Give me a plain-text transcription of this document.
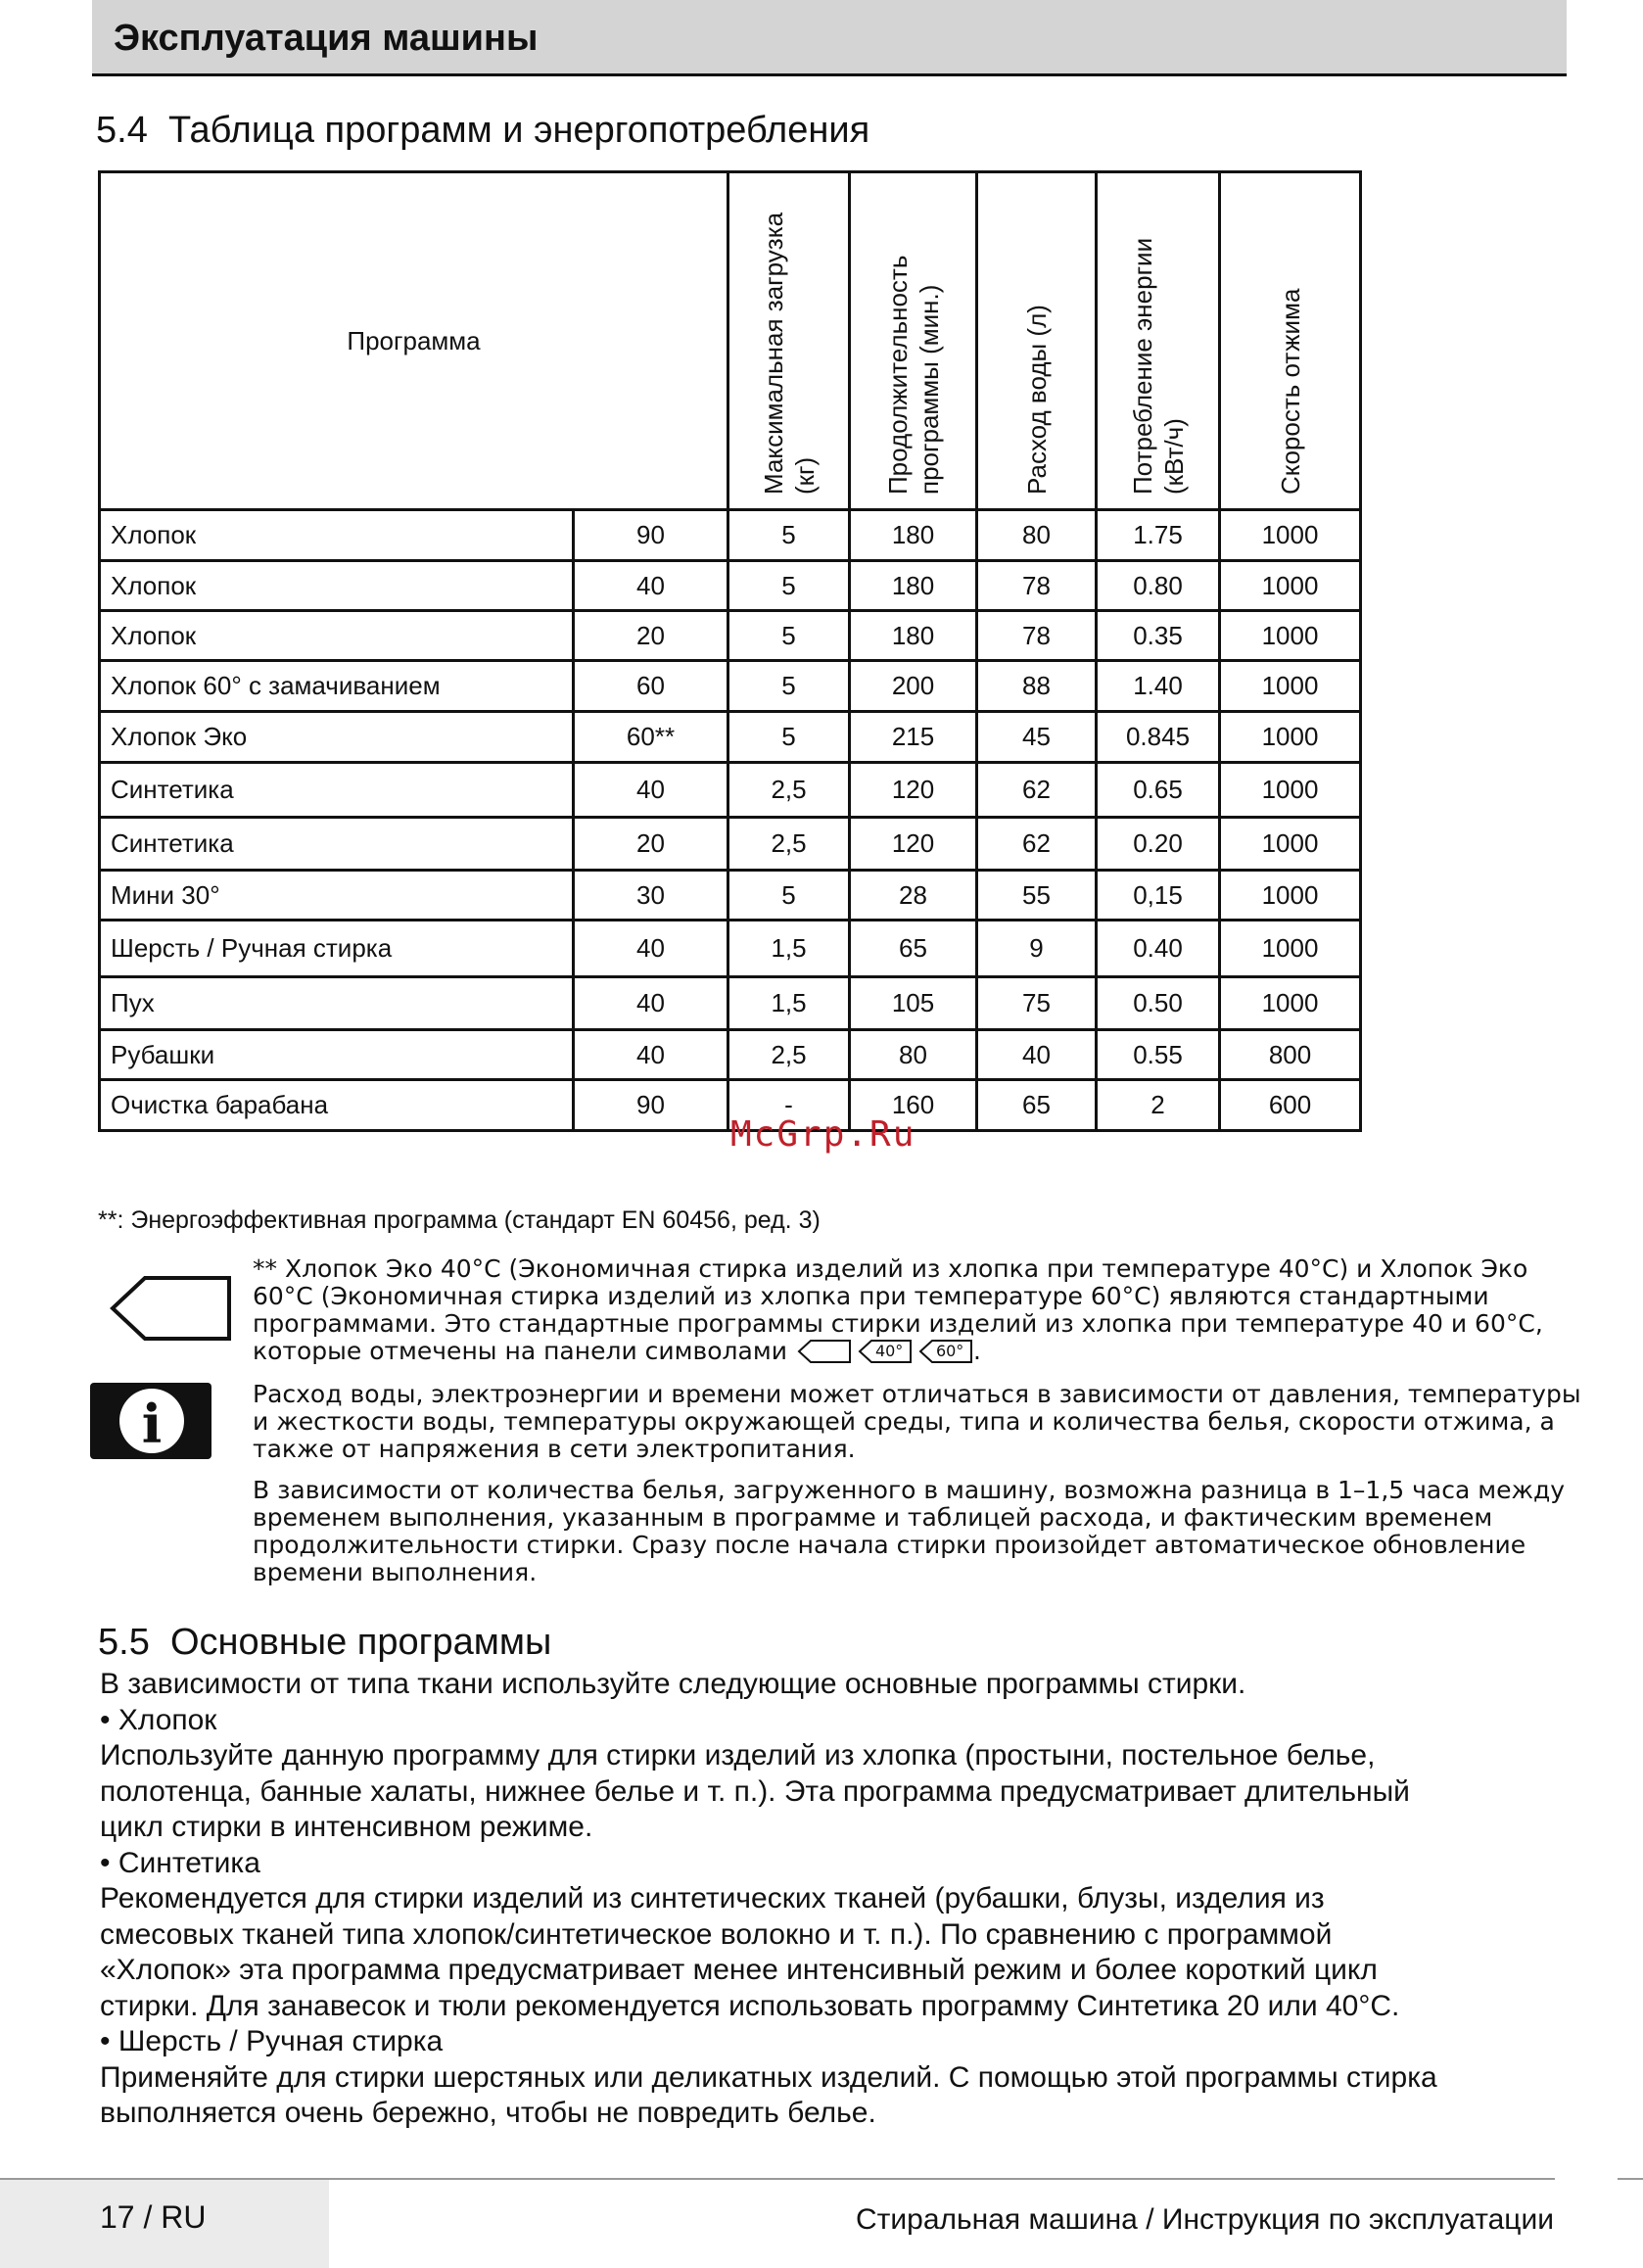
Эксплуатация машины
5.4 Таблица программ и энергопотребления
Программа		Максимальная загрузка (кг)	Продолжительность программы (мин.)	Расход воды (л)	Потребление энергии (кВт/ч)	Скорость отжима
Хлопок	90	5	180	80	1.75	1000
Хлопок	40	5	180	78	0.80	1000
Хлопок	20	5	180	78	0.35	1000
Хлопок 60° с замачиванием	60	5	200	88	1.40	1000
Хлопок Эко	60**	5	215	45	0.845	1000
Синтетика	40	2,5	120	62	0.65	1000
Синтетика	20	2,5	120	62	0.20	1000
Мини 30°	30	5	28	55	0,15	1000
Шерсть / Ручная стирка	40	1,5	65	9	0.40	1000
Пух	40	1,5	105	75	0.50	1000
Рубашки	40	2,5	80	40	0.55	800
Очистка барабана	90	-	160	65	2	600
McGrp.Ru
**: Энергоэффективная программа (стандарт EN 60456, ред. 3)
** Хлопок Эко 40°C (Экономичная стирка изделий из хлопка при температуре 40°C) и Хлопок Эко
60°C (Экономичная стирка изделий из хлопка при температуре 60°C) являются стандартными
программами. Это стандартные программы стирки изделий из хлопка при температуре 40 и 60°C,
которые отмечены на панели символами	40° 60° .
i	Расход воды, электроэнергии и времени может отличаться в зависимости от давления, температуры
и жесткости воды, температуры окружающей среды, типа и количества белья, скорости отжима, а
также от напряжения в сети электропитания.
В зависимости от количества белья, загруженного в машину, возможна разница в 1–1,5 часа между
временем выполнения, указанным в программе и таблицей расхода, и фактическим временем
продолжительности стирки. Сразу после начала стирки произойдет автоматическое обновление
времени выполнения.
5.5 Основные программы
В зависимости от типа ткани используйте следующие основные программы стирки.
• Хлопок
Используйте данную программу для стирки изделий из хлопка (простыни, постельное белье,
полотенца, банные халаты, нижнее белье и т. п.). Эта программа предусматривает длительный
цикл стирки в интенсивном режиме.
• Синтетика
Рекомендуется для стирки изделий из синтетических тканей (рубашки, блузы, изделия из
смесовых тканей типа хлопок/синтетическое волокно и т. п.). По сравнению с программой
«Хлопок» эта программа предусматривает менее интенсивный режим и более короткий цикл
стирки. Для занавесок и тюли рекомендуется использовать программу Синтетика 20 или 40°C.
• Шерсть / Ручная стирка
Применяйте для стирки шерстяных или деликатных изделий. С помощью этой программы стирка
выполняется очень бережно, чтобы не повредить белье.
17 / RU	Стиральная машина / Инструкция по эксплуатации
